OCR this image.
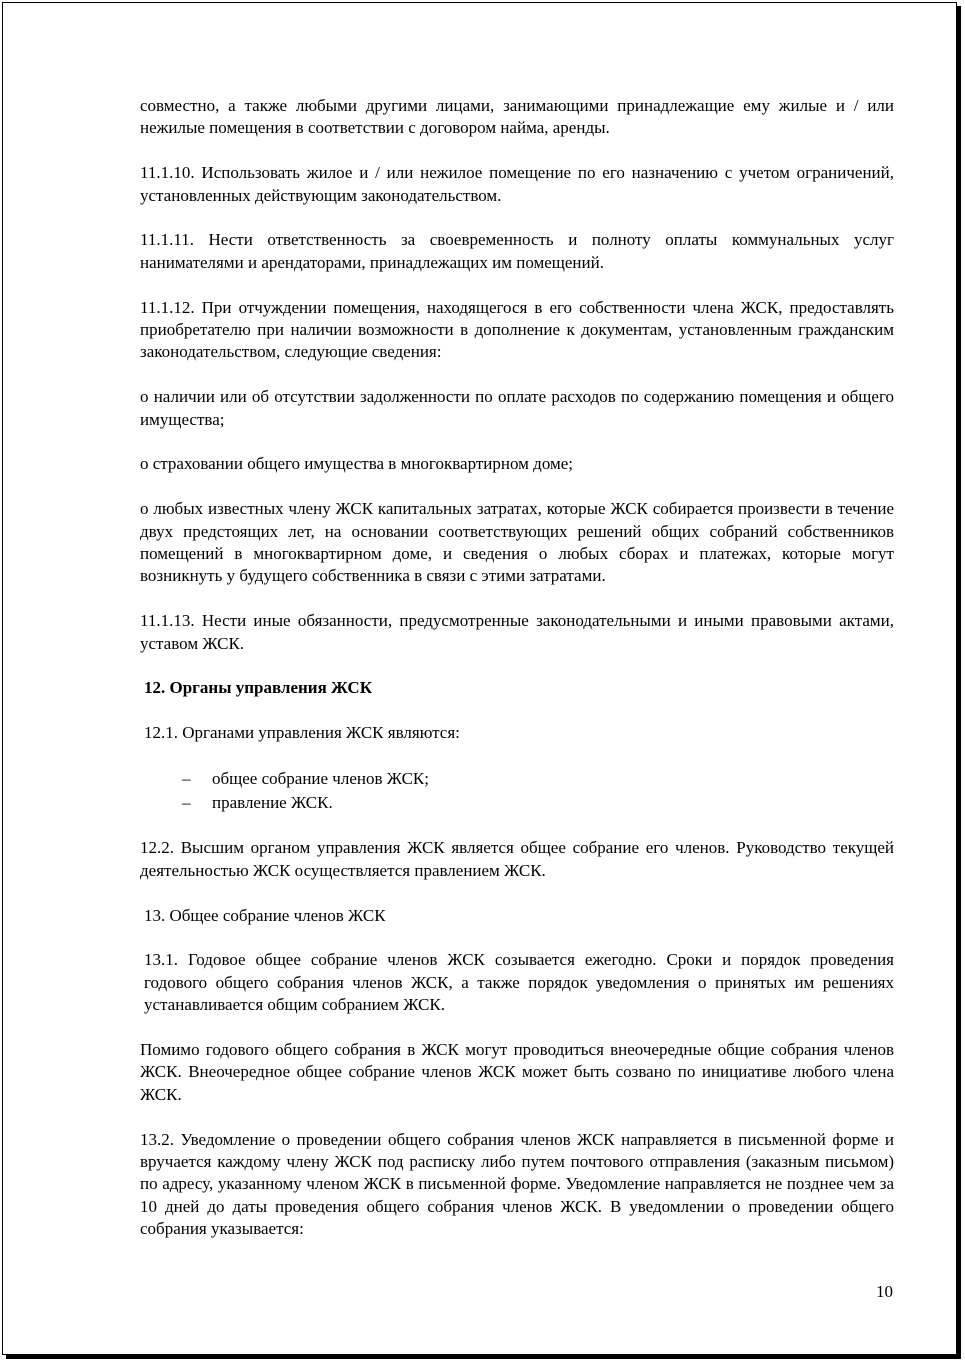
совместно, а также любыми другими лицами, занимающими принадлежащие ему жилые и / или нежилые помещения в соответствии с договором найма, аренды.

11.1.10. Использовать жилое и / или нежилое помещение по его назначению с учетом ограничений, установленных действующим законодательством.

11.1.11. Нести ответственность за своевременность и полноту оплаты коммунальных услуг нанимателями и арендаторами, принадлежащих им помещений.

11.1.12. При отчуждении помещения, находящегося в его собственности члена ЖСК, предоставлять приобретателю при наличии возможности в дополнение к документам, установленным гражданским законодательством, следующие сведения:

о наличии или об отсутствии задолженности по оплате расходов по содержанию помещения и общего имущества;

о страховании общего имущества в многоквартирном доме;

о любых известных члену ЖСК капитальных затратах, которые ЖСК собирается произвести в течение двух предстоящих лет, на основании соответствующих решений общих собраний собственников помещений в многоквартирном доме, и сведения о любых сборах и платежах, которые могут возникнуть у будущего собственника в связи с этими затратами.

11.1.13. Нести иные обязанности, предусмотренные законодательными и иными правовыми актами, уставом ЖСК.

12. Органы управления ЖСК

12.1. Органами управления ЖСК являются:

– общее собрание членов ЖСК;
– правление ЖСК.

12.2. Высшим органом управления ЖСК является общее собрание его членов. Руководство текущей деятельностью ЖСК осуществляется правлением ЖСК.

13. Общее собрание членов ЖСК

13.1. Годовое общее собрание членов ЖСК созывается ежегодно. Сроки и порядок проведения годового общего собрания членов ЖСК, а также порядок уведомления о принятых им решениях устанавливается общим собранием ЖСК.

Помимо годового общего собрания в ЖСК могут проводиться внеочередные общие собрания членов ЖСК. Внеочередное общее собрание членов ЖСК может быть созвано по инициативе любого члена ЖСК.

13.2. Уведомление о проведении общего собрания членов ЖСК направляется в письменной форме и вручается каждому члену ЖСК под расписку либо путем почтового отправления (заказным письмом) по адресу, указанному членом ЖСК в письменной форме. Уведомление направляется не позднее чем за 10 дней до даты проведения общего собрания членов ЖСК. В уведомлении о проведении общего собрания указывается:

10
